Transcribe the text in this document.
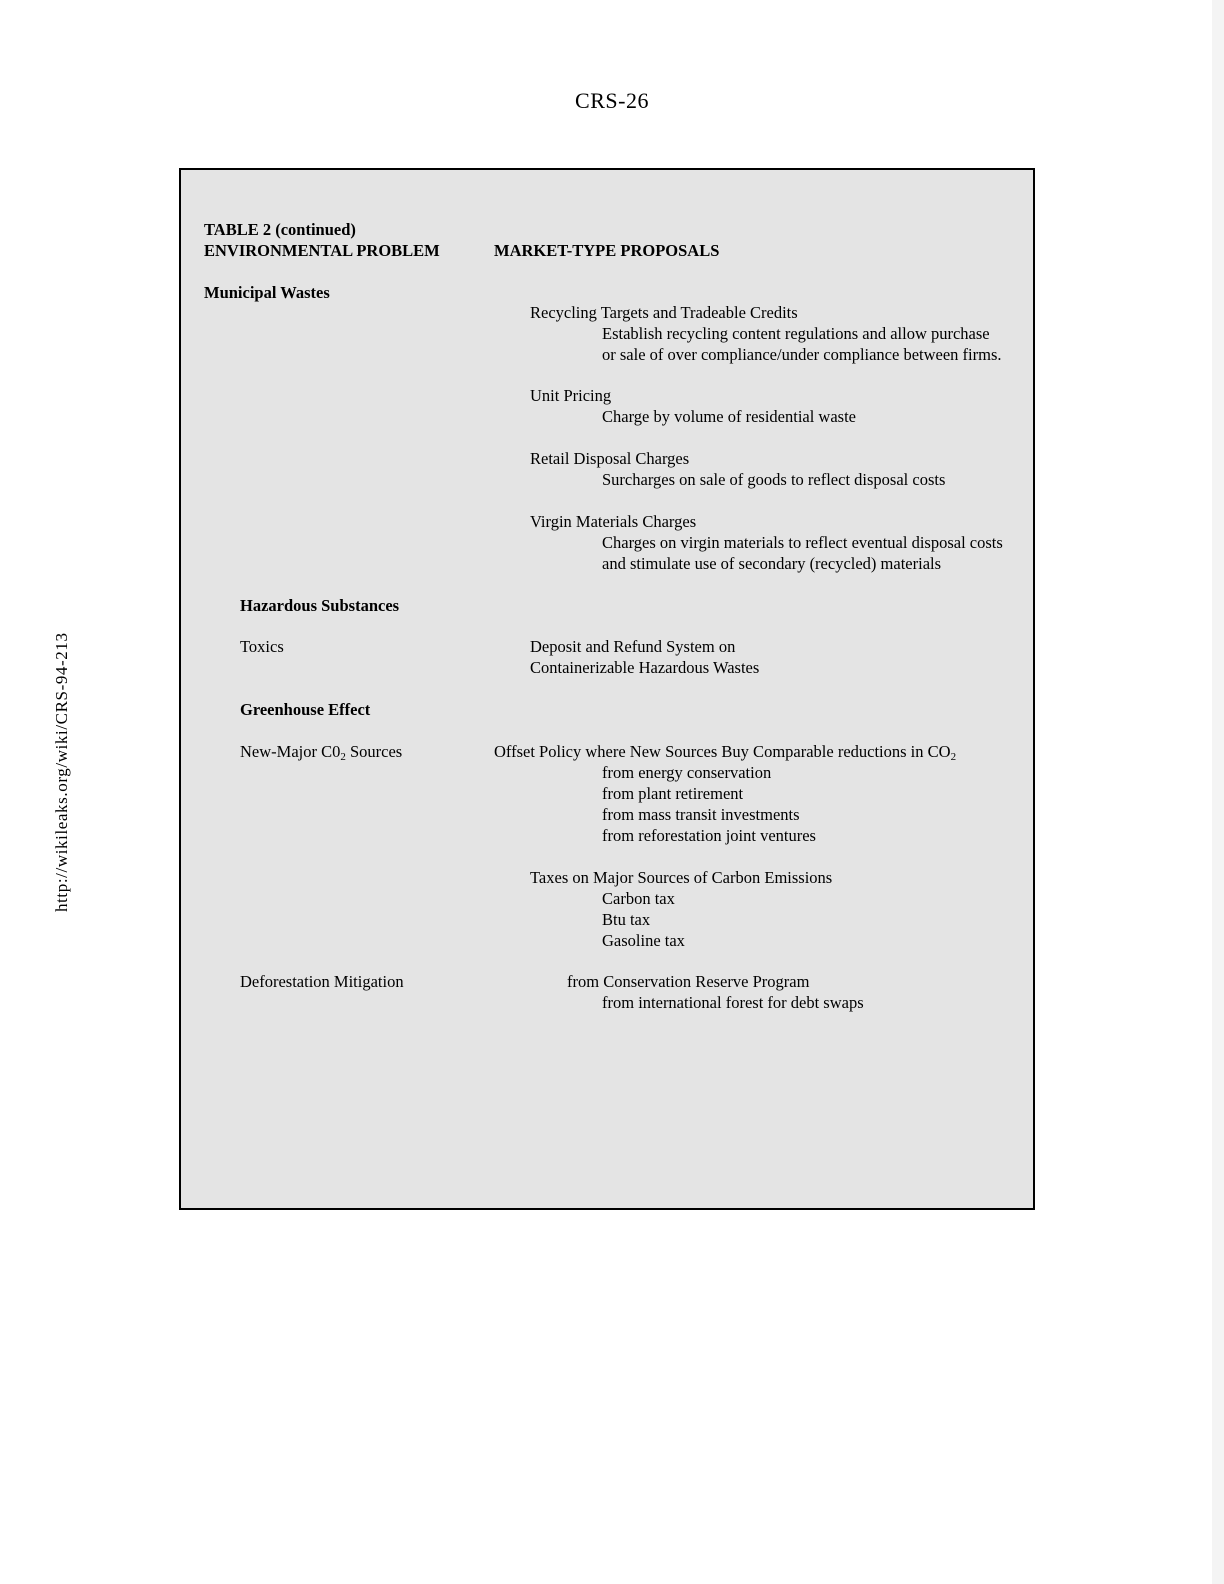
CRS-26
http://wikileaks.org/wiki/CRS-94-213
TABLE 2 (continued)
ENVIRONMENTAL PROBLEM	MARKET-TYPE PROPOSALS
Municipal Wastes
Recycling Targets and Tradeable Credits
Establish recycling content regulations and allow purchase
or sale of over compliance/under compliance between firms.
Unit Pricing
Charge by volume of residential waste
Retail Disposal Charges
Surcharges on sale of goods to reflect disposal costs
Virgin Materials Charges
Charges on virgin materials to reflect eventual disposal costs
and stimulate use of secondary (recycled) materials
Hazardous Substances
Toxics	Deposit and Refund System on
Containerizable Hazardous Wastes
Greenhouse Effect
New-Major $C0_2$ Sources	Offset Policy where New Sources Buy Comparable reductions in $CO_2$
from energy conservation
from plant retirement
from mass transit investments
from reforestation joint ventures
Taxes on Major Sources of Carbon Emissions
Carbon tax
Btu tax
Gasoline tax
Deforestation Mitigation	from Conservation Reserve Program
from international forest for debt swaps
